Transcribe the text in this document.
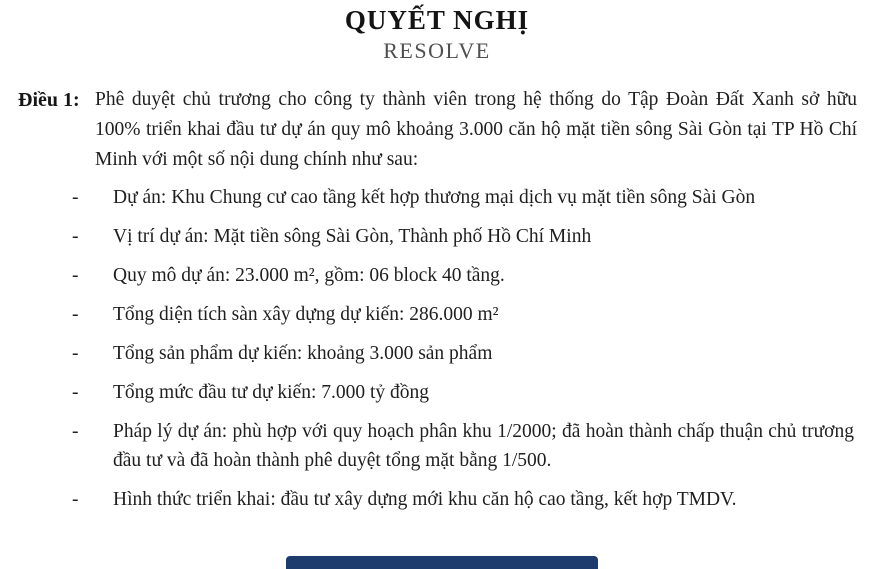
QUYẾT NGHỊ
RESOLVE
Điều 1: Phê duyệt chủ trương cho công ty thành viên trong hệ thống do Tập Đoàn Đất Xanh sở hữu 100% triển khai đầu tư dự án quy mô khoảng 3.000 căn hộ mặt tiền sông Sài Gòn tại TP Hồ Chí Minh với một số nội dung chính như sau:

-	Dự án: Khu Chung cư cao tầng kết hợp thương mại dịch vụ mặt tiền sông Sài Gòn
-	Vị trí dự án: Mặt tiền sông Sài Gòn, Thành phố Hồ Chí Minh
-	Quy mô dự án: 23.000 m², gồm: 06 block 40 tầng.
-	Tổng diện tích sàn xây dựng dự kiến: 286.000 m²
-	Tổng sản phẩm dự kiến: khoảng 3.000 sản phẩm
-	Tổng mức đầu tư dự kiến: 7.000 tỷ đồng
-	Pháp lý dự án: phù hợp với quy hoạch phân khu 1/2000; đã hoàn thành chấp thuận chủ trương đầu tư và đã hoàn thành phê duyệt tổng mặt bằng 1/500.
-	Hình thức triển khai: đầu tư xây dựng mới khu căn hộ cao tầng, kết hợp TMDV.
